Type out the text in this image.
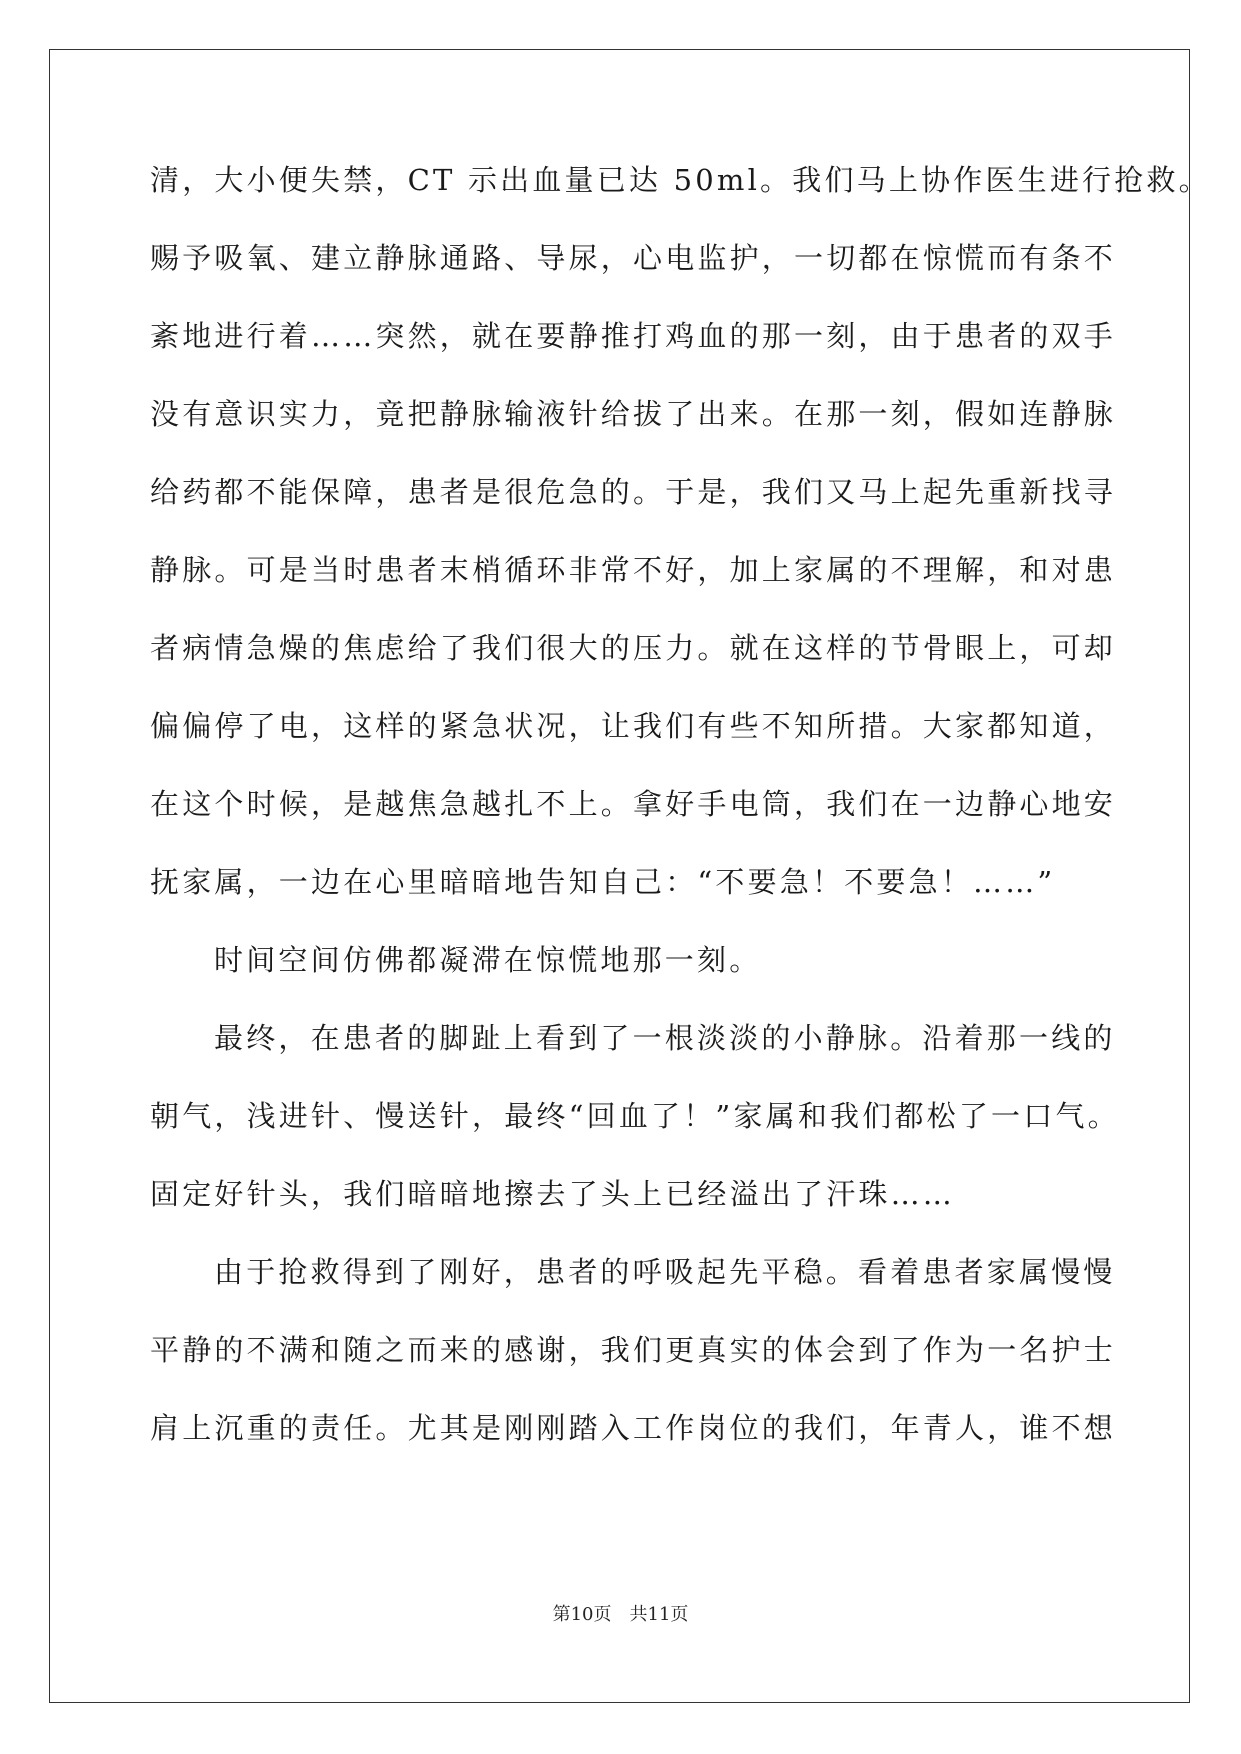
清，大小便失禁，CT 示出血量已达 50ml。我们马上协作医生进行抢救。
赐予吸氧、建立静脉通路、导尿，心电监护，一切都在惊慌而有条不
紊地进行着……突然，就在要静推打鸡血的那一刻，由于患者的双手
没有意识实力，竟把静脉输液针给拔了出来。在那一刻，假如连静脉
给药都不能保障，患者是很危急的。于是，我们又马上起先重新找寻
静脉。可是当时患者末梢循环非常不好，加上家属的不理解，和对患
者病情急燥的焦虑给了我们很大的压力。就在这样的节骨眼上，可却
偏偏停了电，这样的紧急状况，让我们有些不知所措。大家都知道，
在这个时候，是越焦急越扎不上。拿好手电筒，我们在一边静心地安
抚家属，一边在心里暗暗地告知自己：“不要急！不要急！……”
时间空间仿佛都凝滞在惊慌地那一刻。
最终，在患者的脚趾上看到了一根淡淡的小静脉。沿着那一线的
朝气，浅进针、慢送针，最终“回血了！”家属和我们都松了一口气。
固定好针头，我们暗暗地擦去了头上已经溢出了汗珠……
由于抢救得到了刚好，患者的呼吸起先平稳。看着患者家属慢慢
平静的不满和随之而来的感谢，我们更真实的体会到了作为一名护士
肩上沉重的责任。尤其是刚刚踏入工作岗位的我们，年青人，谁不想
第10页 共11页
